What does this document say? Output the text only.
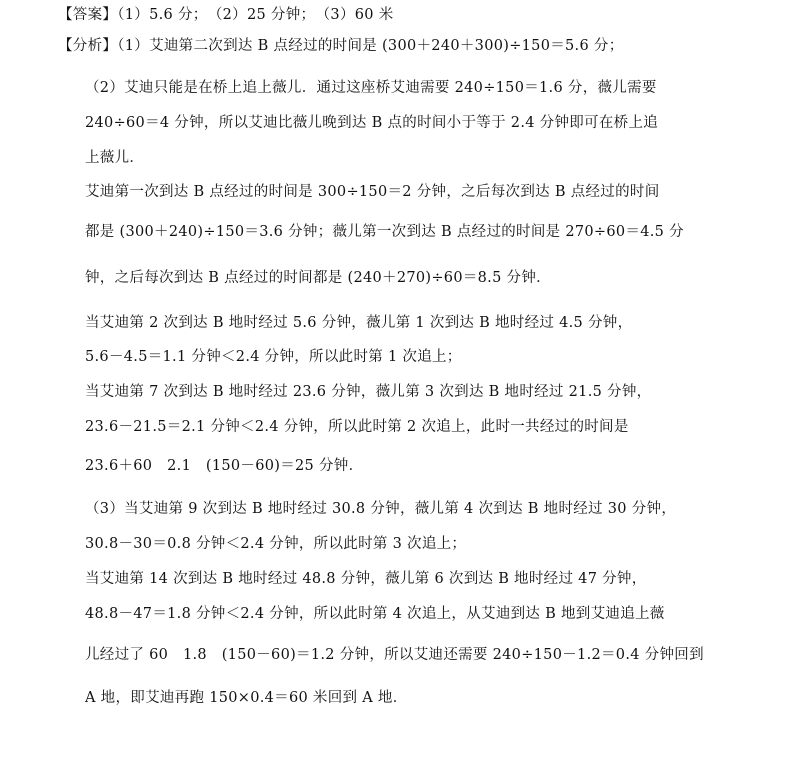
【答案】（1）5.6 分；　（2）25 分钟；　（3）60 米
【分析】（1）艾迪第二次到达 B 点经过的时间是 (300＋240＋300)÷150＝5.6 分；
（2）艾迪只能是在桥上追上薇儿．通过这座桥艾迪需要 240÷150＝1.6 分，薇儿需要
240÷60＝4 分钟，所以艾迪比薇儿晚到达 B 点的时间小于等于 2.4 分钟即可在桥上追
上薇儿．
艾迪第一次到达 B 点经过的时间是 300÷150＝2 分钟，之后每次到达 B 点经过的时间
都是 (300＋240)÷150＝3.6 分钟；薇儿第一次到达 B 点经过的时间是 270÷60＝4.5 分
钟，之后每次到达 B 点经过的时间都是 (240＋270)÷60＝8.5 分钟．
当艾迪第 2 次到达 B 地时经过 5.6 分钟，薇儿第 1 次到达 B 地时经过 4.5 分钟，
5.6－4.5＝1.1 分钟＜2.4 分钟，所以此时第 1 次追上；
当艾迪第 7 次到达 B 地时经过 23.6 分钟，薇儿第 3 次到达 B 地时经过 21.5 分钟，
23.6－21.5＝2.1 分钟＜2.4 分钟，所以此时第 2 次追上，此时一共经过的时间是
23.6＋60　2.1　(150－60)＝25 分钟．
（3）当艾迪第 9 次到达 B 地时经过 30.8 分钟，薇儿第 4 次到达 B 地时经过 30 分钟，
30.8－30＝0.8 分钟＜2.4 分钟，所以此时第 3 次追上；
当艾迪第 14 次到达 B 地时经过 48.8 分钟，薇儿第 6 次到达 B 地时经过 47 分钟，
48.8－47＝1.8 分钟＜2.4 分钟，所以此时第 4 次追上，从艾迪到达 B 地到艾迪追上薇
儿经过了 60　1.8　(150－60)＝1.2 分钟，所以艾迪还需要 240÷150－1.2＝0.4 分钟回到
A 地，即艾迪再跑 150×0.4＝60 米回到 A 地．
